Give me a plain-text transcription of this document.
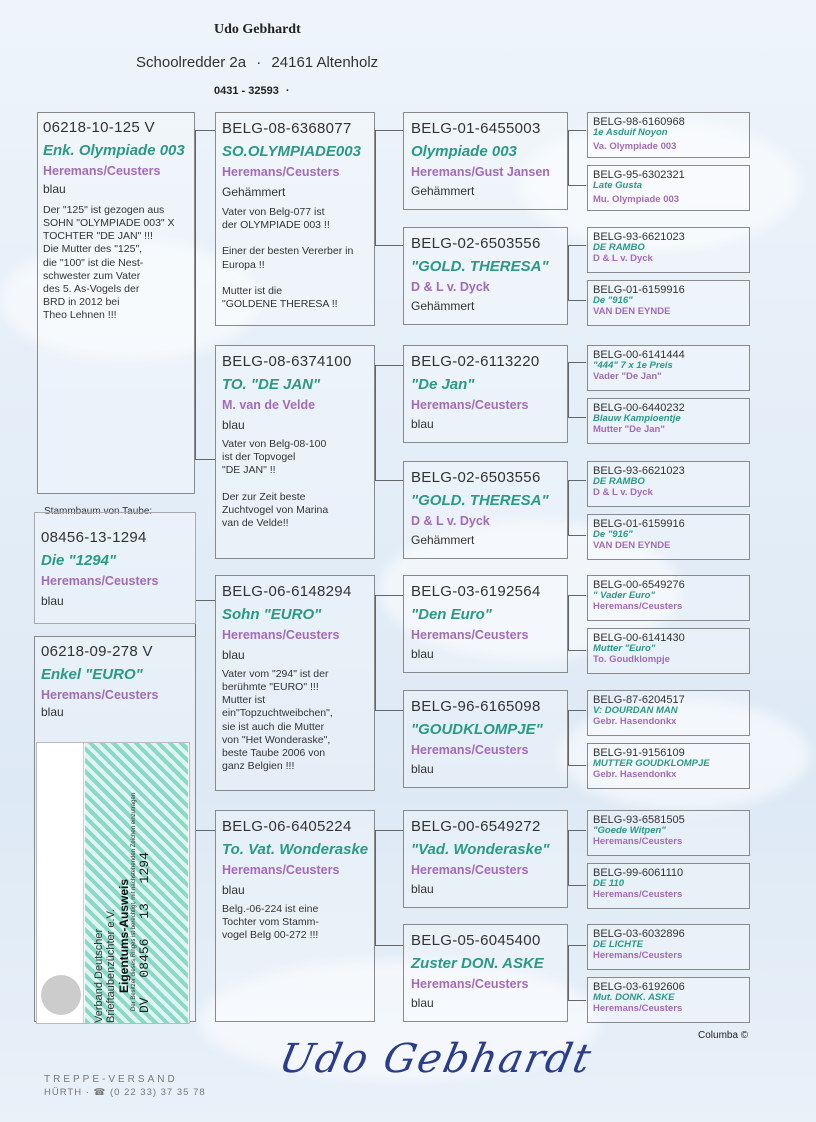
Udo Gebhardt
Schoolredder 2a · 24161 Altenholz
0431 - 32593 ·
06218-10-125 V
Enk. Olympiade 003
Heremans/Ceusters
blau
Der "125" ist gezogen aus
SOHN "OLYMPIADE 003" X
TOCHTER "DE JAN" !!!
Die Mutter des "125",
die "100" ist die Nest-
schwester zum Vater
des 5. As-Vogels der
BRD in 2012 bei
Theo Lehnen !!!
Stammbaum von Taube:
08456-13-1294
Die "1294"
Heremans/Ceusters
blau
06218-09-278 V
Enkel "EURO"
Heremans/Ceusters
blau
Verband Deutscher Brieftaubenzüchter e.V. Eigentums-Ausweis Der Besitzer dieses Ringes ist berechtigt, mit nachstehenden Zeichen einzutragen DV 08456 13 1294
BELG-08-6368077
SO.OLYMPIADE003
Heremans/Ceusters
Gehämmert
Vater von Belg-077 ist
der OLYMPIADE 003 !!

Einer der besten Vererber in
Europa !!

Mutter ist die
"GOLDENE THERESA !!
BELG-08-6374100
TO. "DE JAN"
M. van de Velde
blau
Vater von Belg-08-100
ist der Topvogel
"DE JAN" !!

Der zur Zeit beste
Zuchtvogel von Marina
van de Velde!!
BELG-06-6148294
Sohn "EURO"
Heremans/Ceusters
blau
Vater vom "294" ist der
berühmte "EURO" !!!
Mutter ist
ein"Topzuchtweibchen",
sie ist auch die Mutter
von "Het Wonderaske",
beste Taube 2006 von
ganz Belgien !!!
BELG-06-6405224
To. Vat. Wonderaske
Heremans/Ceusters
blau
Belg.-06-224 ist eine
Tochter vom Stamm-
vogel Belg 00-272 !!!
BELG-01-6455003
Olympiade 003
Heremans/Gust Jansen
Gehämmert
BELG-02-6503556
"GOLD. THERESA"
D & L v. Dyck
Gehämmert
BELG-02-6113220
"De Jan"
Heremans/Ceusters
blau
BELG-02-6503556
"GOLD. THERESA"
D & L v. Dyck
Gehämmert
BELG-03-6192564
"Den Euro"
Heremans/Ceusters
blau
BELG-96-6165098
"GOUDKLOMPJE"
Heremans/Ceusters
blau
BELG-00-6549272
"Vad. Wonderaske"
Heremans/Ceusters
blau
BELG-05-6045400
Zuster DON. ASKE
Heremans/Ceusters
blau
BELG-98-6160968
1e Asduif Noyon
Va. Olympiade 003
BELG-95-6302321
Late Gusta
Mu. Olympiade 003
BELG-93-6621023
DE RAMBO
D & L v. Dyck
BELG-01-6159916
De "916"
VAN DEN EYNDE
BELG-00-6141444
"444" 7 x 1e Preis
Vader "De Jan"
BELG-00-6440232
Blauw Kampioentje
Mutter "De Jan"
BELG-93-6621023
DE RAMBO
D & L v. Dyck
BELG-01-6159916
De "916"
VAN DEN EYNDE
BELG-00-6549276
" Vader Euro"
Heremans/Ceusters
BELG-00-6141430
Mutter "Euro"
To. Goudklompje
BELG-87-6204517
V: DOURDAN MAN
Gebr. Hasendonkx
BELG-91-9156109
MUTTER GOUDKLOMPJE
Gebr. Hasendonkx
BELG-93-6581505
"Goede Witpen"
Heremans/Ceusters
BELG-99-6061110
DE 110
Heremans/Ceusters
BELG-03-6032896
DE LICHTE
Heremans/Ceusters
BELG-03-6192606
Mut. DONK. ASKE
Heremans/Ceusters
Columba ©
TREPPE-VERSAND
HÜRTH · ☎ (0 22 33) 37 35 78
Udo Gebhardt
